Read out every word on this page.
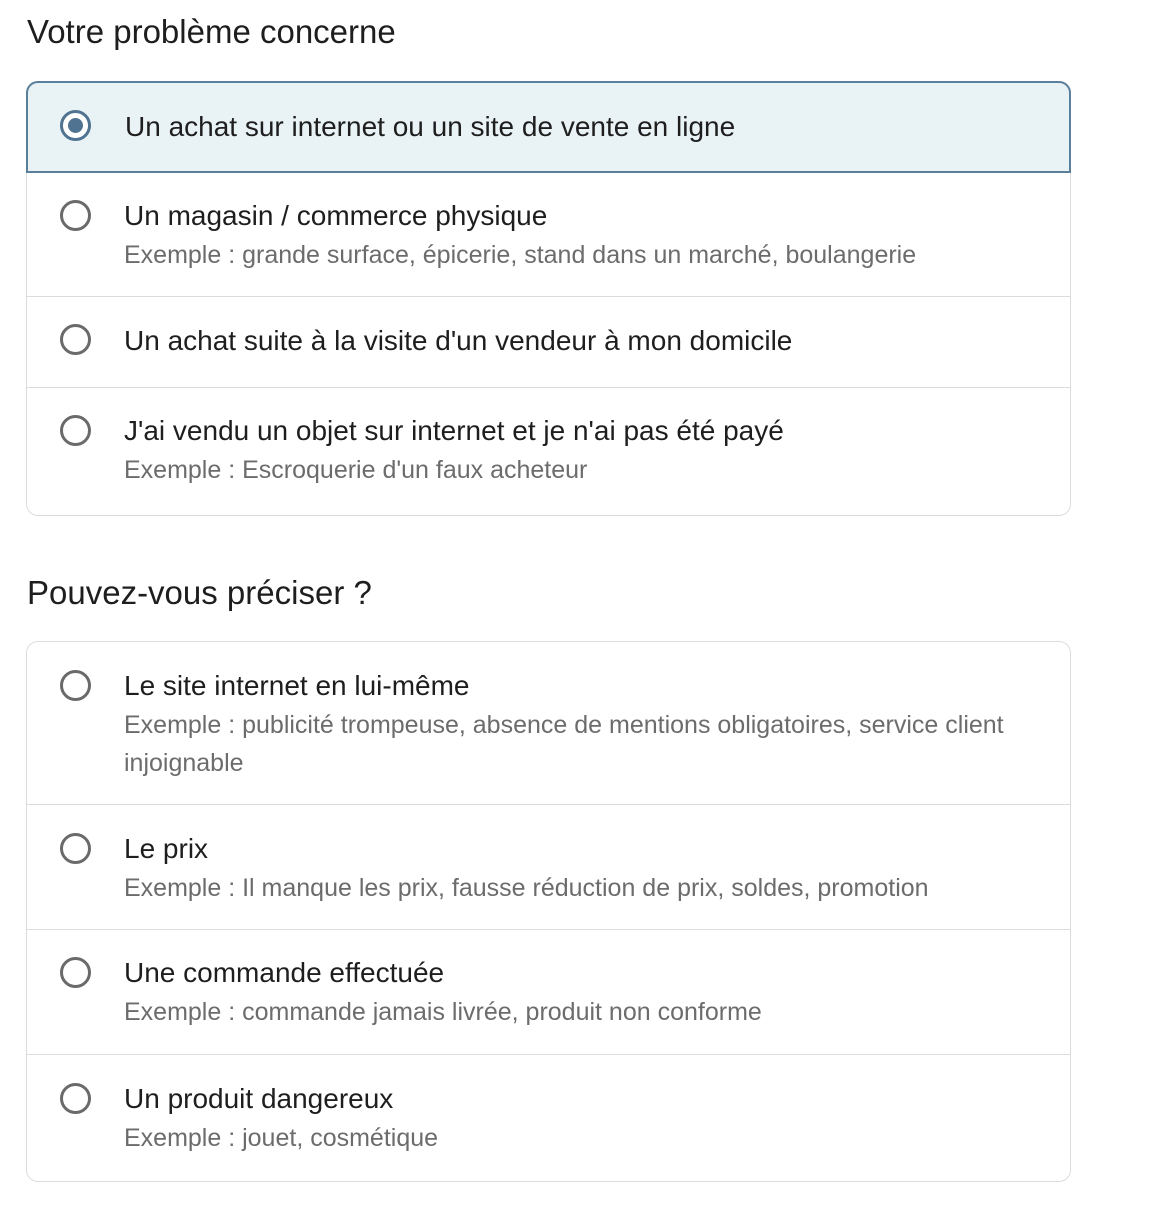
Votre problème concerne
Un achat sur internet ou un site de vente en ligne
Un magasin / commerce physique
Exemple : grande surface, épicerie, stand dans un marché, boulangerie
Un achat suite à la visite d'un vendeur à mon domicile
J'ai vendu un objet sur internet et je n'ai pas été payé
Exemple : Escroquerie d'un faux acheteur
Pouvez-vous préciser ?
Le site internet en lui-même
Exemple : publicité trompeuse, absence de mentions obligatoires, service client injoignable
Le prix
Exemple : Il manque les prix, fausse réduction de prix, soldes, promotion
Une commande effectuée
Exemple : commande jamais livrée, produit non conforme
Un produit dangereux
Exemple : jouet, cosmétique
